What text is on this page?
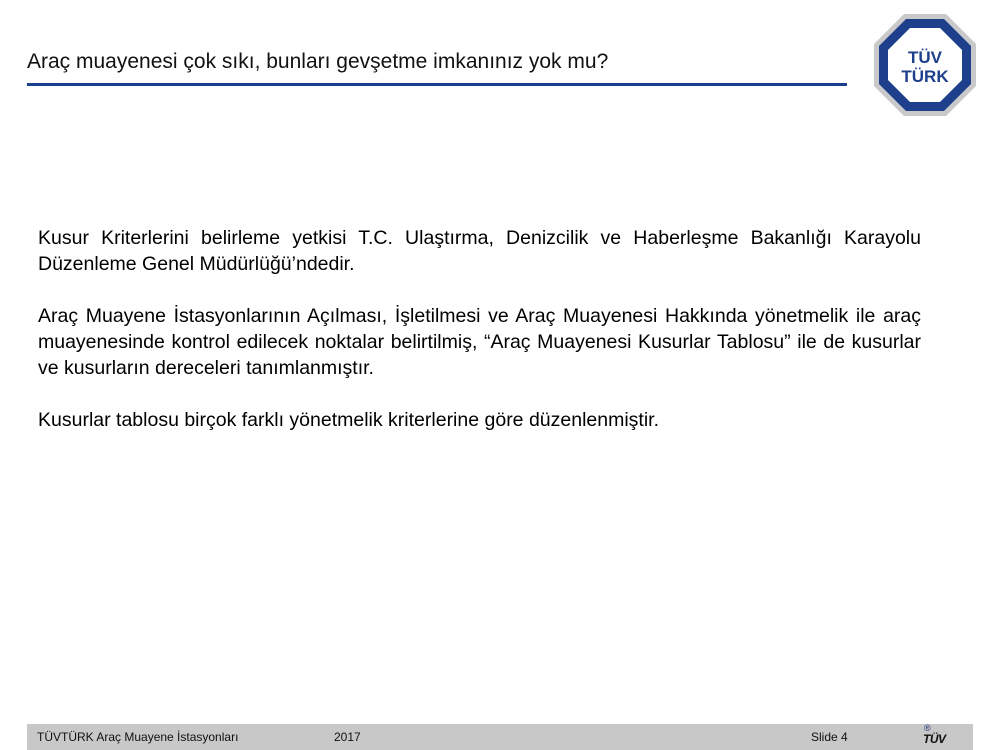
Araç muayenesi çok sıkı, bunları gevşetme imkanınız yok mu?	TÜV
TÜRK

Kusur Kriterlerini belirleme yetkisi T.C. Ulaştırma, Denizcilik ve Haberleşme Bakanlığı Karayolu Düzenleme Genel Müdürlüğü’ndedir.

Araç Muayene İstasyonlarının Açılması, İşletilmesi ve Araç Muayenesi Hakkında yönetmelik ile araç muayenesinde kontrol edilecek noktalar belirtilmiş, “Araç Muayenesi Kusurlar Tablosu” ile de kusurlar ve kusurların dereceleri tanımlanmıştır.

Kusurlar tablosu birçok farklı yönetmelik kriterlerine göre düzenlenmiştir.

TÜVTÜRK Araç Muayene İstasyonları	2017	Slide 4	TÜV
®
